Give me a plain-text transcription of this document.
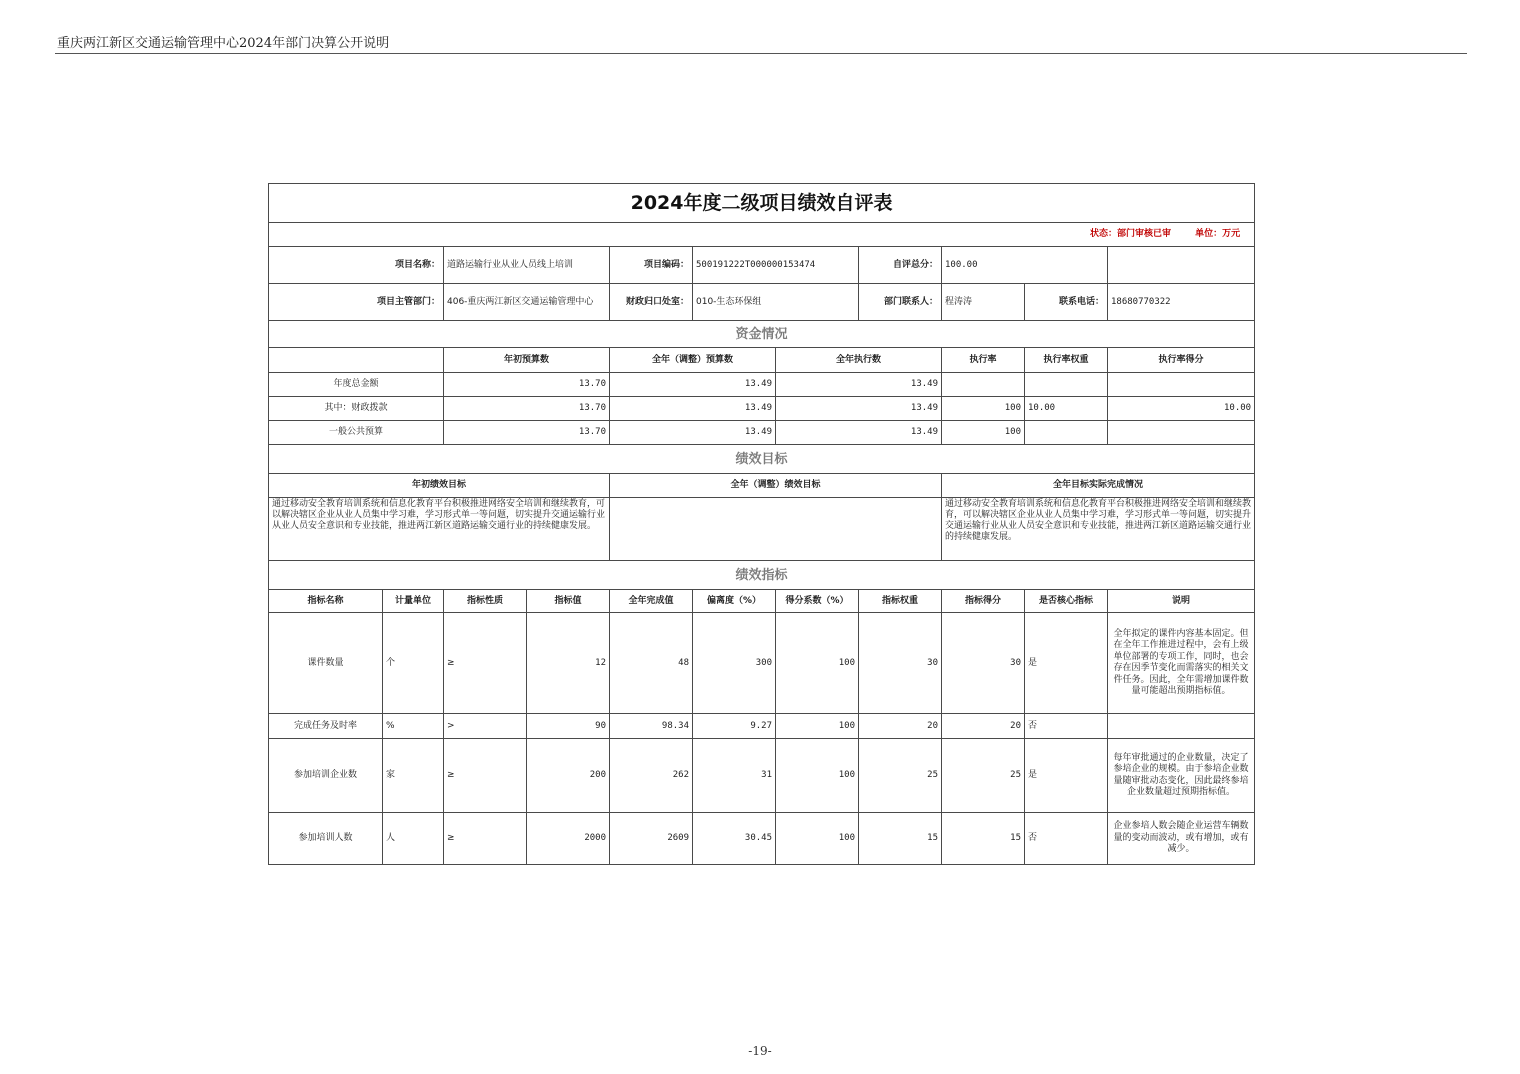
重庆两江新区交通运输管理中心2024年部门决算公开说明
2024年度二级项目绩效自评表										
状态：部门审核已审 单位：万元										
项目名称：		道路运输行业从业人员线上培训		项目编码：	500191222T000000153474		自评总分：	100.00		
项目主管部门：		406-重庆两江新区交通运输管理中心		财政归口处室：	010-生态环保组		部门联系人：	程涛涛	联系电话：	18680770322
资金情况										
		年初预算数		全年（调整）预算数		全年执行数		执行率	执行率权重	执行率得分
年度总金额		13.70		13.49		13.49				
其中：财政拨款		13.70		13.49		13.49		100	10.00	10.00
一般公共预算		13.70		13.49		13.49		100		
绩效目标										
年初绩效目标				全年（调整）绩效目标				全年目标实际完成情况		
通过移动安全教育培训系统和信息化教育平台积极推进网络安全培训和继续教育，可以解决辖区企业从业人员集中学习难，学习形式单一等问题，切实提升交通运输行业从业人员安全意识和专业技能，推进两江新区道路运输交通行业的持续健康发展。								通过移动安全教育培训系统和信息化教育平台积极推进网络安全培训和继续教育，可以解决辖区企业从业人员集中学习难，学习形式单一等问题，切实提升交通运输行业从业人员安全意识和专业技能，推进两江新区道路运输交通行业的持续健康发展。		
绩效指标										
指标名称	计量单位	指标性质	指标值	全年完成值	偏离度（%）	得分系数（%）	指标权重	指标得分	是否核心指标	说明
课件数量	个	≥	12	48	300	100	30	30	是	全年拟定的课件内容基本固定。但在全年工作推进过程中，会有上级单位部署的专项工作，同时，也会存在因季节变化而需落实的相关文件任务。因此，全年需增加课件数量可能超出预期指标值。
完成任务及时率	%	>	90	98.34	9.27	100	20	20	否	
参加培训企业数	家	≥	200	262	31	100	25	25	是	每年审批通过的企业数量，决定了参培企业的规模。由于参培企业数量随审批动态变化，因此最终参培企业数量超过预期指标值。
参加培训人数	人	≥	2000	2609	30.45	100	15	15	否	企业参培人数会随企业运营车辆数量的变动而波动，或有增加，或有减少。
-19-
